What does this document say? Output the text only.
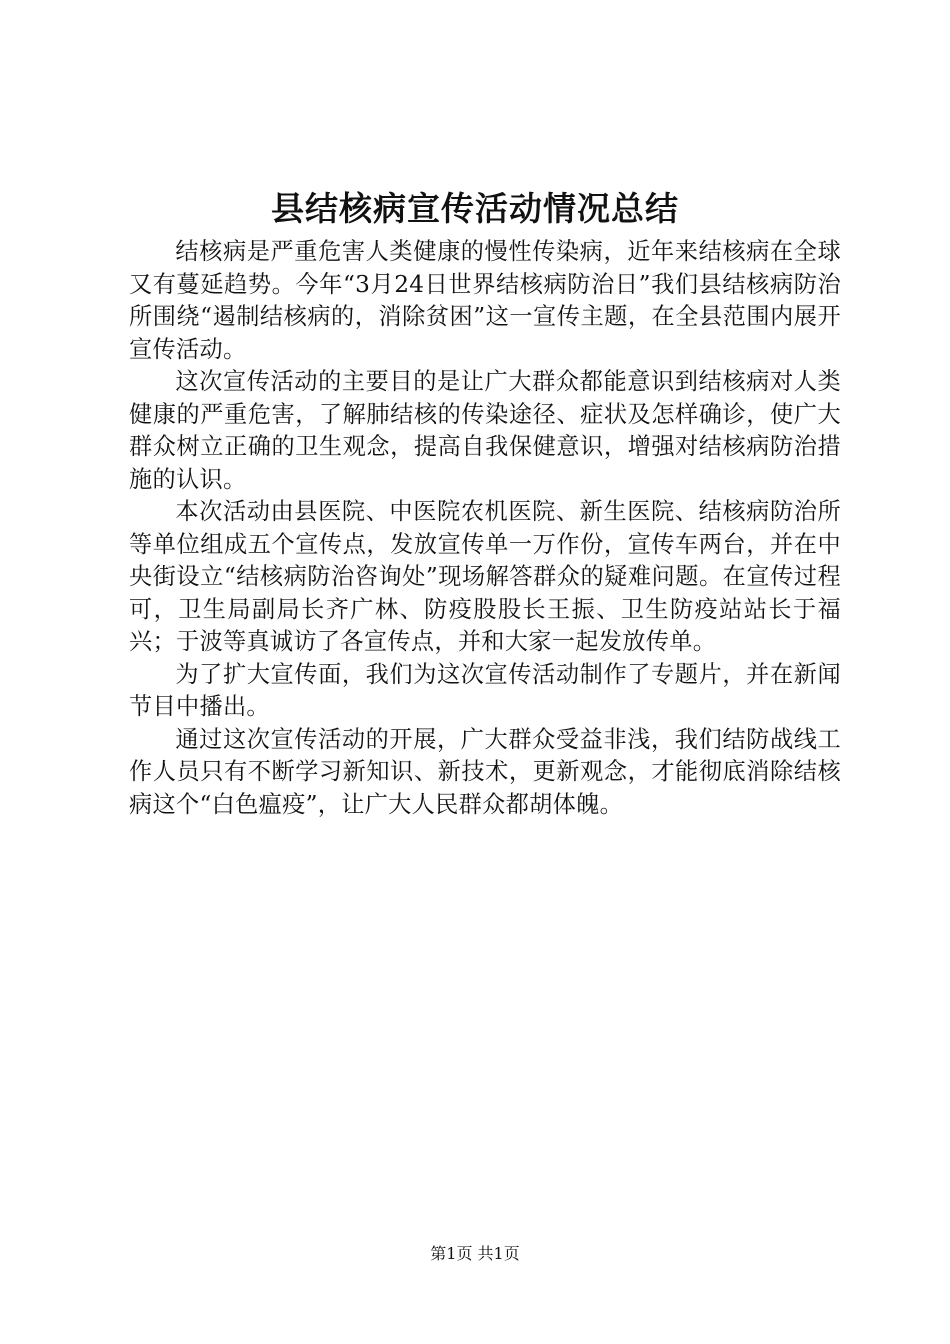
县结核病宣传活动情况总结

结核病是严重危害人类健康的慢性传染病，近年来结核病在全球又有蔓延趋势。今年“3月24日世界结核病防治日”我们县结核病防治所围绕“遏制结核病的，消除贫困”这一宣传主题，在全县范围内展开宣传活动。

这次宣传活动的主要目的是让广大群众都能意识到结核病对人类健康的严重危害，了解肺结核的传染途径、症状及怎样确诊，使广大群众树立正确的卫生观念，提高自我保健意识，增强对结核病防治措施的认识。

本次活动由县医院、中医院农机医院、新生医院、结核病防治所等单位组成五个宣传点，发放宣传单一万作份，宣传车两台，并在中央街设立“结核病防治咨询处”现场解答群众的疑难问题。在宣传过程可，卫生局副局长齐广林、防疫股股长王振、卫生防疫站站长于福兴；于波等真诚访了各宣传点，并和大家一起发放传单。

为了扩大宣传面，我们为这次宣传活动制作了专题片，并在新闻节目中播出。

通过这次宣传活动的开展，广大群众受益非浅，我们结防战线工作人员只有不断学习新知识、新技术，更新观念，才能彻底消除结核病这个“白色瘟疫”，让广大人民群众都胡体魄。

第1页 共1页
